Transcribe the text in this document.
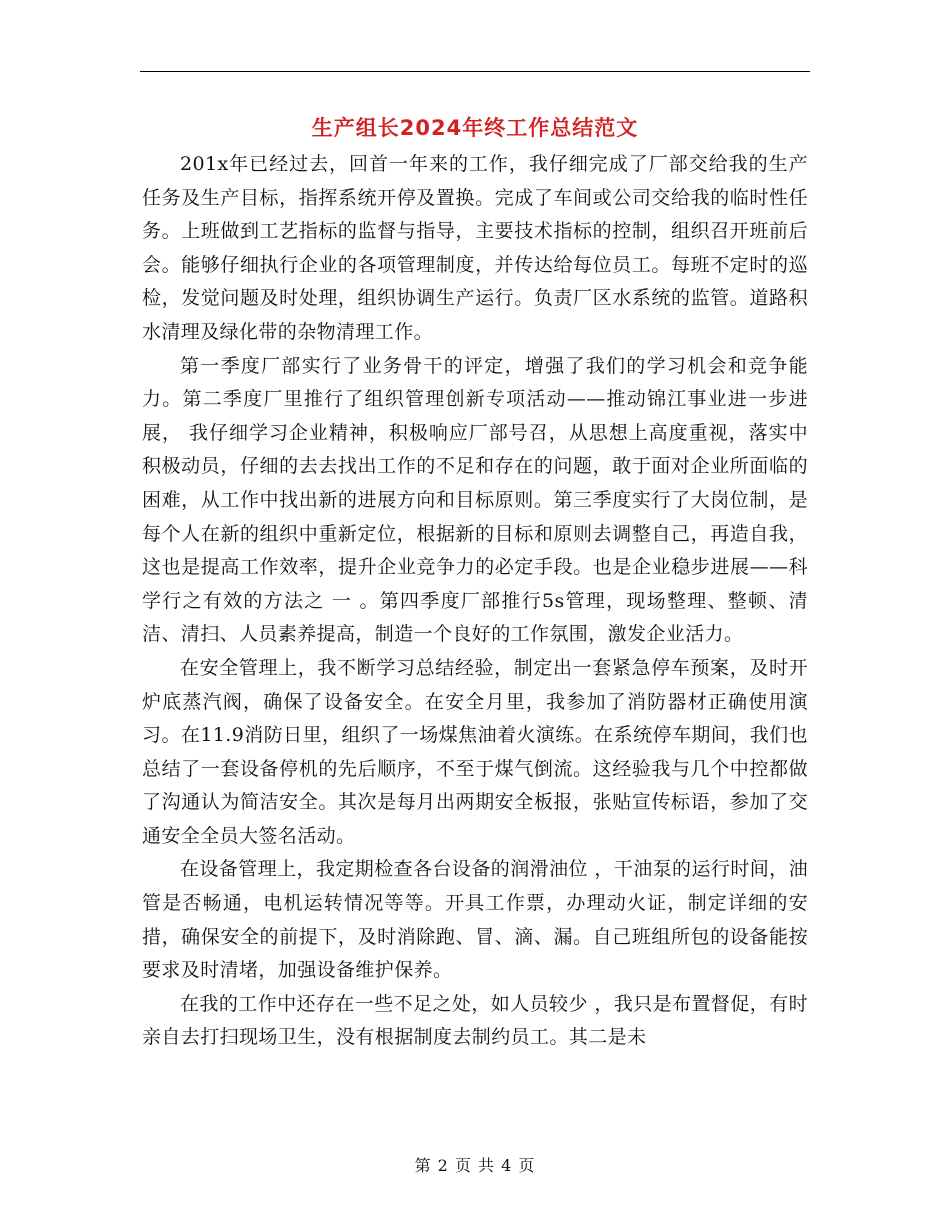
生产组长2024年终工作总结范文

201x年已经过去，回首一年来的工作，我仔细完成了厂部交给我的生产任务及生产目标，指挥系统开停及置换。完成了车间或公司交给我的临时性任务。上班做到工艺指标的监督与指导，主要技术指标的控制，组织召开班前后会。能够仔细执行企业的各项管理制度，并传达给每位员工。每班不定时的巡检，发觉问题及时处理，组织协调生产运行。负责厂区水系统的监管。道路积水清理及绿化带的杂物清理工作。

第一季度厂部实行了业务骨干的评定，增强了我们的学习机会和竞争能力。第二季度厂里推行了组织管理创新专项活动——推动锦江事业进一步进展， 我仔细学习企业精神，积极响应厂部号召，从思想上高度重视，落实中积极动员，仔细的去去找出工作的不足和存在的问题，敢于面对企业所面临的困难，从工作中找出新的进展方向和目标原则。第三季度实行了大岗位制，是每个人在新的组织中重新定位，根据新的目标和原则去调整自己，再造自我，这也是提高工作效率，提升企业竞争力的必定手段。也是企业稳步进展——科学行之有效的方法之 一 。第四季度厂部推行5s管理，现场整理、整顿、清洁、清扫、人员素养提高，制造一个良好的工作氛围，激发企业活力。

在安全管理上，我不断学习总结经验，制定出一套紧急停车预案，及时开炉底蒸汽阀，确保了设备安全。在安全月里，我参加了消防器材正确使用演习。在11.9消防日里，组织了一场煤焦油着火演练。在系统停车期间，我们也总结了一套设备停机的先后顺序，不至于煤气倒流。这经验我与几个中控都做了沟通认为简洁安全。其次是每月出两期安全板报，张贴宣传标语，参加了交通安全全员大签名活动。

在设备管理上，我定期检查各台设备的润滑油位 ，干油泵的运行时间，油管是否畅通，电机运转情况等等。开具工作票，办理动火证，制定详细的安措，确保安全的前提下，及时消除跑、冒、滴、漏。自己班组所包的设备能按要求及时清堵，加强设备维护保养。

在我的工作中还存在一些不足之处，如人员较少 ，我只是布置督促，有时亲自去打扫现场卫生，没有根据制度去制约员工。其二是未

第 2 页 共 4 页
